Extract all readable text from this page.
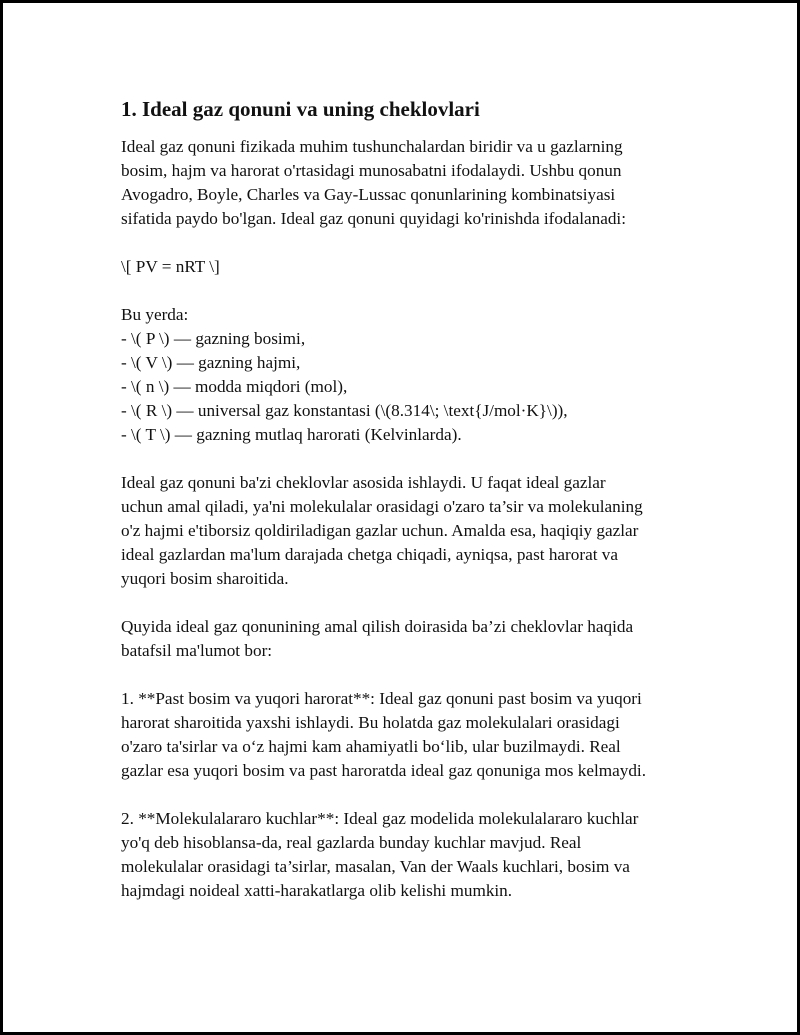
1. Ideal gaz qonuni va uning cheklovlari

Ideal gaz qonuni fizikada muhim tushunchalardan biridir va u gazlarning
bosim, hajm va harorat o'rtasidagi munosabatni ifodalaydi. Ushbu qonun
Avogadro, Boyle, Charles va Gay-Lussac qonunlarining kombinatsiyasi
sifatida paydo bo'lgan. Ideal gaz qonuni quyidagi ko'rinishda ifodalanadi:

\[ PV = nRT \]

Bu yerda:
- \( P \) — gazning bosimi,
- \( V \) — gazning hajmi,
- \( n \) — modda miqdori (mol),
- \( R \) — universal gaz konstantasi (\(8.314\; \text{J/mol·K}\)),
- \( T \) — gazning mutlaq harorati (Kelvinlarda).

Ideal gaz qonuni ba'zi cheklovlar asosida ishlaydi. U faqat ideal gazlar
uchun amal qiladi, ya'ni molekulalar orasidagi o'zaro ta’sir va molekulaning
o'z hajmi e'tiborsiz qoldiriladigan gazlar uchun. Amalda esa, haqiqiy gazlar
ideal gazlardan ma'lum darajada chetga chiqadi, ayniqsa, past harorat va
yuqori bosim sharoitida.

Quyida ideal gaz qonunining amal qilish doirasida ba’zi cheklovlar haqida
batafsil ma'lumot bor:

1. **Past bosim va yuqori harorat**: Ideal gaz qonuni past bosim va yuqori
harorat sharoitida yaxshi ishlaydi. Bu holatda gaz molekulalari orasidagi
o'zaro ta'sirlar va o‘z hajmi kam ahamiyatli bo‘lib, ular buzilmaydi. Real
gazlar esa yuqori bosim va past haroratda ideal gaz qonuniga mos kelmaydi.

2. **Molekulalararo kuchlar**: Ideal gaz modelida molekulalararo kuchlar
yo'q deb hisoblansa-da, real gazlarda bunday kuchlar mavjud. Real
molekulalar orasidagi ta’sirlar, masalan, Van der Waals kuchlari, bosim va
hajmdagi noideal xatti-harakatlarga olib kelishi mumkin.
